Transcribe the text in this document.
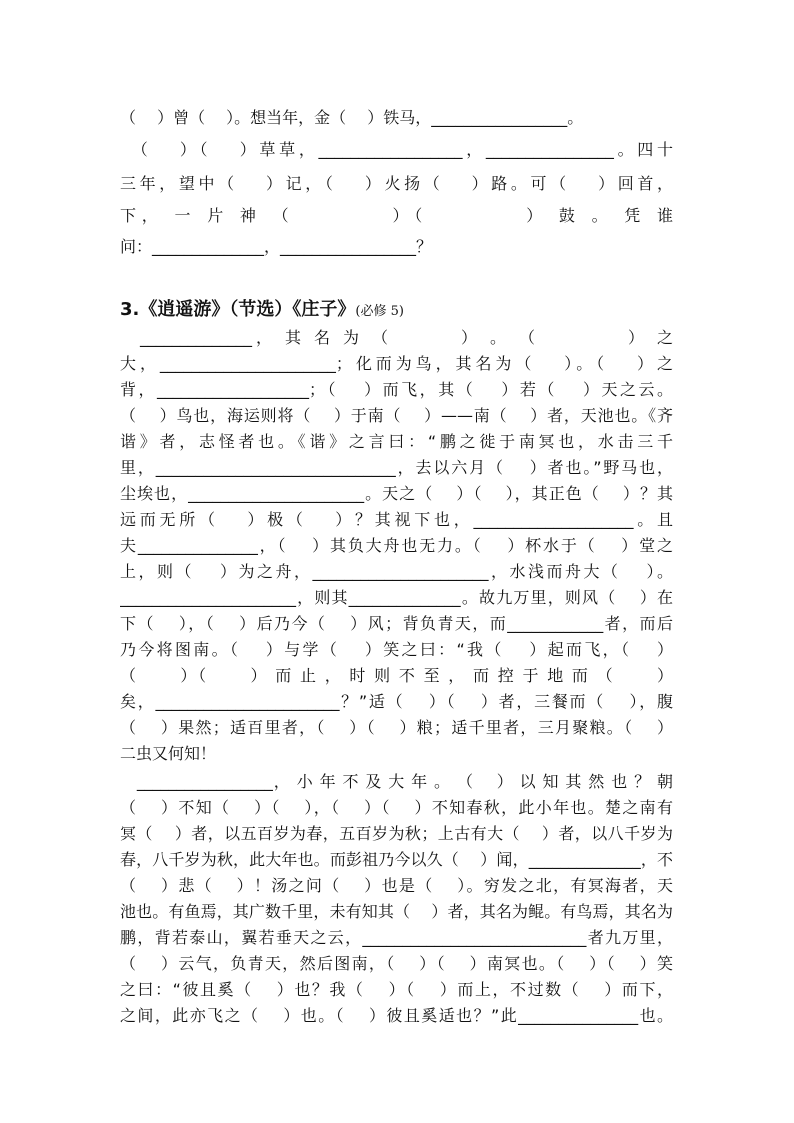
（　 ）曾（　 ）。想当年，金（　 ）铁马，_________________。
　（　 ）（　 ）草草，__________________，________________。四十
三年，望中（　 ）记，（　 ）火扬（　 ）路。可（　 ）回首，
下， 一 片 神 （　　　　 ）（　　　　 ） 鼓 。 凭 谁
问：______________，_________________？
3.《逍遥游》（节选）《庄子》(必修 5)
　______________， 其 名 为 （　　　 ） 。 （　　　　 ） 之
大，______________________；化而为鸟，其名为（　 ）。（　 ）之
背，___________________；（　 ）而飞，其（　 ）若（　 ）天之云。
（　 ）鸟也，海运则将（　 ）于南（　 ）——南（　 ）者，天池也。《齐
谐》者，志怪者也。《谐》之言曰：“鹏之徙于南冥也，水击三千
里，______________________________，去以六月（　 ）者也。”野马也，
尘埃也，______________________。天之（　 ）（　 ），其正色（　 ）？其
远而无所（　 ）极（　 ）？其视下也，____________________。且
夫_______________，（　 ）其负大舟也无力。（　 ）杯水于（　 ）堂之
上，则（　 ）为之舟，______________________，水浅而舟大（　 ）。
______________________，则其______________。故九万里，则风（　 ）在
下（　 ），（　 ）后乃今（　 ）风；背负青天，而____________者，而后
乃今将图南。（　 ）与学（　 ）笑之曰：“我（　 ）起而飞，（　 ）
（　　 ）（　　 ） 而 止 ， 时 则 不 至 ， 而 控 于 地 而 （　　 ）
矣，_______________________？”适（　 ）（　 ）者，三餐而（　 ），腹
（　 ）果然；适百里者，（　 ）（　 ）粮；适千里者，三月聚粮。（　 ）
二虫又何知！
　_________________， 小 年 不 及 大 年 。 （　 ） 以 知 其 然 也 ？ 朝
（　 ）不知（　 ）（　 ），（　 ）（　 ）不知春秋，此小年也。楚之南有
冥（　 ）者，以五百岁为春，五百岁为秋；上古有大（　 ）者，以八千岁为
春，八千岁为秋，此大年也。而彭祖乃今以久（　 ）闻，______________，不
（　 ）悲（　 ）！汤之问（　 ）也是（　 ）。穷发之北，有冥海者，天
池也。有鱼焉，其广数千里，未有知其（　 ）者，其名为鲲。有鸟焉，其名为
鹏，背若泰山，翼若垂天之云，____________________________者九万里，
（　 ）云气，负青天，然后图南，（　 ）（　 ）南冥也。（　 ）（　 ）笑
之曰：“彼且奚（　 ）也？我（　 ）（　 ）而上，不过数（　 ）而下，
之间，此亦飞之（　 ）也。（　 ）彼且奚适也？”此_______________也。
